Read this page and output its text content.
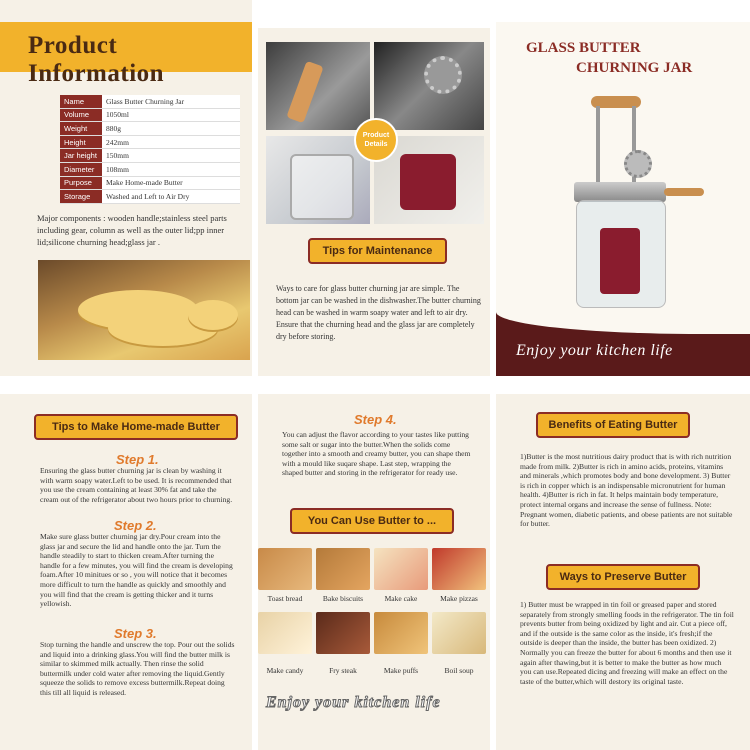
Product Information
Name	Glass Butter Churning Jar
Volume	1050ml
Weight	880g
Height	242mm
Jar height	150mm
Diameter	108mm
Purpose	Make Home-made Butter
Storage	Washed and Left to Air Dry
Major components : wooden handle;stainless steel parts including gear, column as well as the outer lid;pp inner lid;silicone churning head;glass jar .
Product Details
Tips for Maintenance
Ways to care for glass butter churning jar are simple. The bottom jar can be washed in the dishwasher.The butter churning head can be washed in warm soapy water and left to air dry. Ensure that the churning head and the glass jar are completely dry before storing.
GLASS BUTTER
CHURNING JAR
Enjoy your kitchen life
Tips to Make Home-made Butter
Step 1.
Ensuring the glass butter churning jar is clean by washing it with warm soapy water.Left to be used. It is recommended that you use the cream containing at least 30% fat and take the cream out of the refrigerator about two hours prior to churning.
Step 2.
Make sure glass butter churning jar dry.Pour cream into the glass jar and secure the lid and handle onto the jar. Turn the handle steadily to start to thicken cream.After turning the handle for a few minutes, you will find the cream is developing foam.After 10 minitues or so , you will notice that it becomes more difficult to turn the handle as quickly and smoothly and you will find that the cream is getting thicker and it turns yellowish.
Step 3.
Stop turning the handle and unscrew the top. Pour out the solids and liquid into a drinking glass.You will find the butter milk is similar to skimmed milk actually. Then rinse the solid buttermilk under cold water after removing the liquid.Gently squeeze the solids to remove excess buttermilk.Repeat doing this till all liquid is released.
Step 4.
You can adjust the flavor according to your tastes like putting some salt or sugar into the butter.When the solids come together into a smooth and creamy butter, you can shape them with a mould like suqare shape. Last step, wrapping the shaped butter and storing in the refrigerator for ready use.
You Can Use Butter to ...
Toast bread	Bake biscuits	Make cake	Make pizzas
Make candy	Fry steak	Make puffs	Boil soup
Enjoy your kitchen life
Benefits of Eating Butter
1)Butter is the most nutritious dairy product that is with rich nutrition made from milk. 2)Butter is rich in amino acids, proteins, vitamins and minerals ,which promotes body and bone development. 3) Butter is rich in copper which is an indispensable micronutrient for human health. 4)Butter is rich in fat. It helps maintain body temperature, protect internal organs and increase the sense of fullness. Note: Pregnant women, diabetic patients, and obese patients are not suitable for butter.
Ways to Preserve Butter
1) Butter must be wrapped in tin foil or greased paper and stored separately from strongly smelling foods in the refrigerator. The tin foil prevents butter from being oxidized by light and air. Cut a piece off, and if the outside is the same color as the inside, it's fresh;if the outside is deeper than the inside, the butter has been oxidized. 2) Normally you can freeze the butter for about 6 months and then use it again after thawing,but it is better to make the butter as how much you can use.Repeated dicing and freezing will make an effect on the taste of the butter,which will destory its original taste.
